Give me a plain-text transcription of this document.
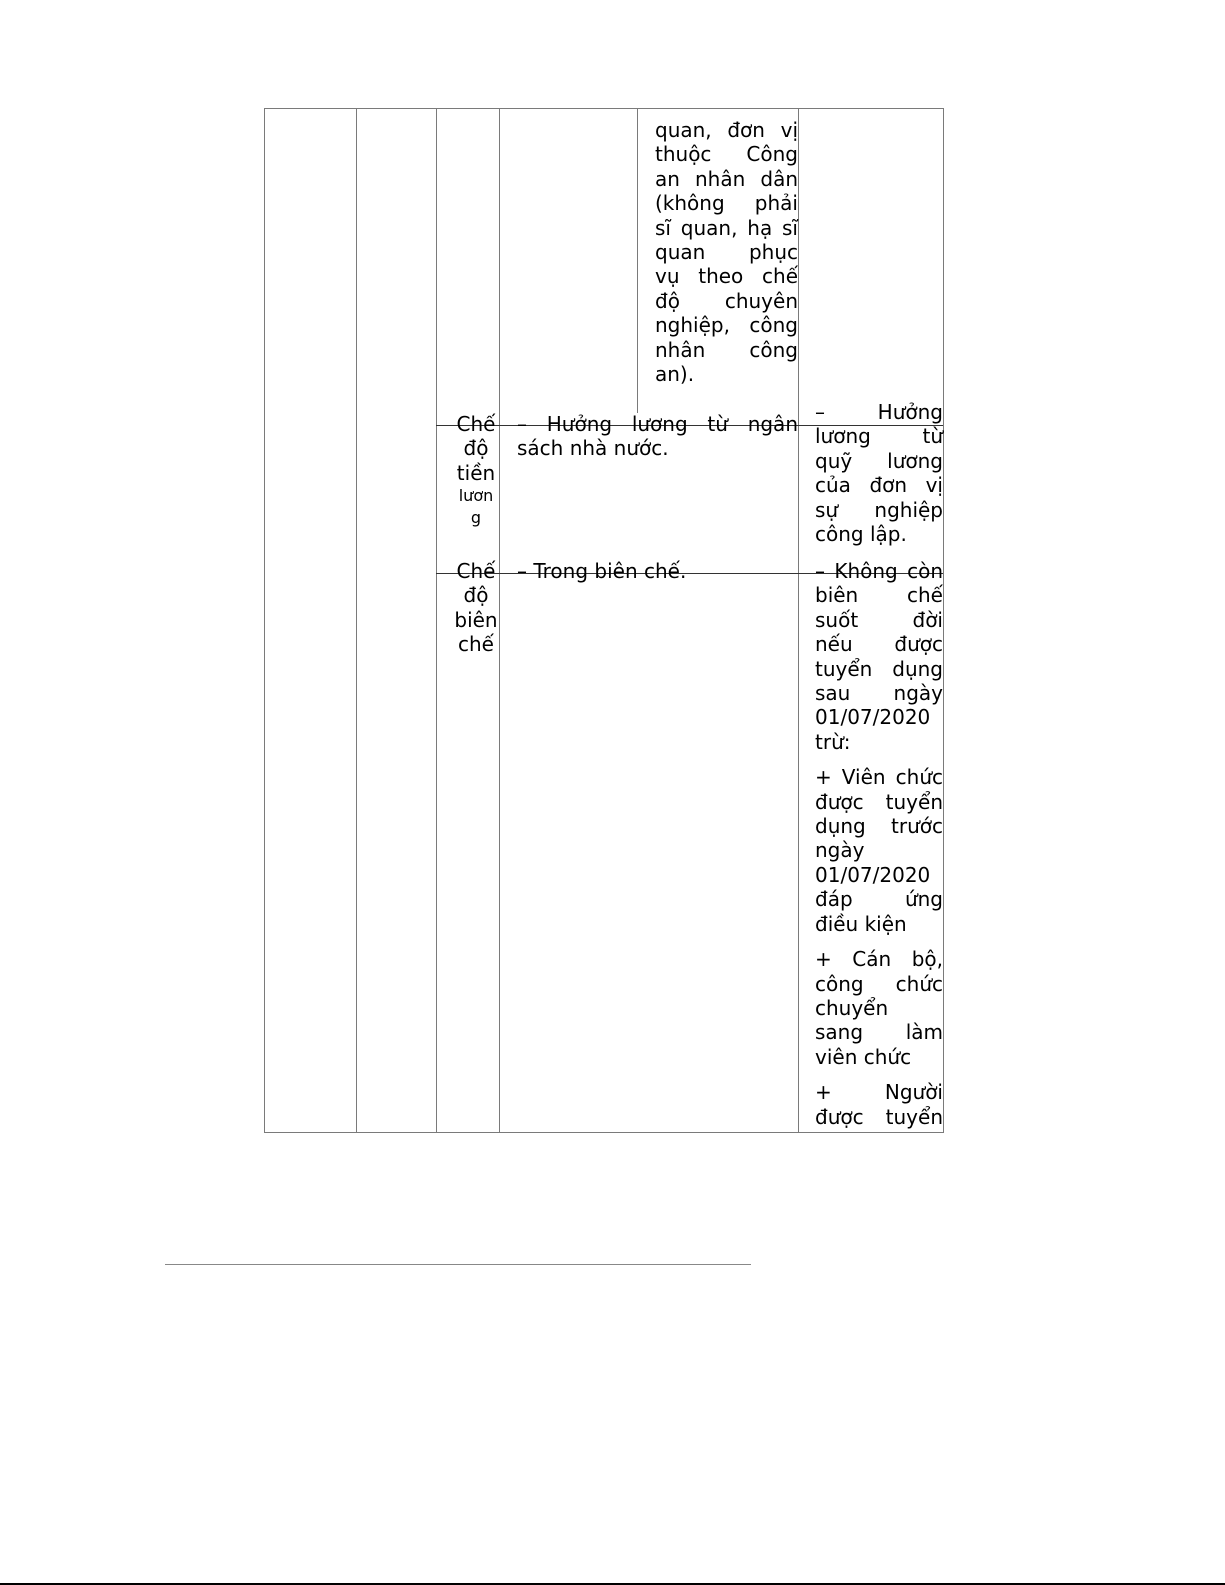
quan, đơn vị
thuộc Công
an nhân dân
(không phải
sĩ quan, hạ sĩ
quan phục
vụ theo chế
độ chuyên
nghiệp, công
nhân công
an).
Chế
độ
tiền
lươn
g
– Hưởng lương từ ngân
sách nhà nước.
– Hưởng
lương từ
quỹ lương
của đơn vị
sự nghiệp
công lập.
Chế
độ
biên
chế
– Trong biên chế.	– Không còn
biên chế
suốt đời
nếu được
tuyển dụng
sau ngày
01/07/2020
trừ:
+ Viên chức
được tuyển
dụng trước
ngày
01/07/2020
đáp ứng
điều kiện
+ Cán bộ,
công chức
chuyển
sang làm
viên chức
+ Người
được tuyển
